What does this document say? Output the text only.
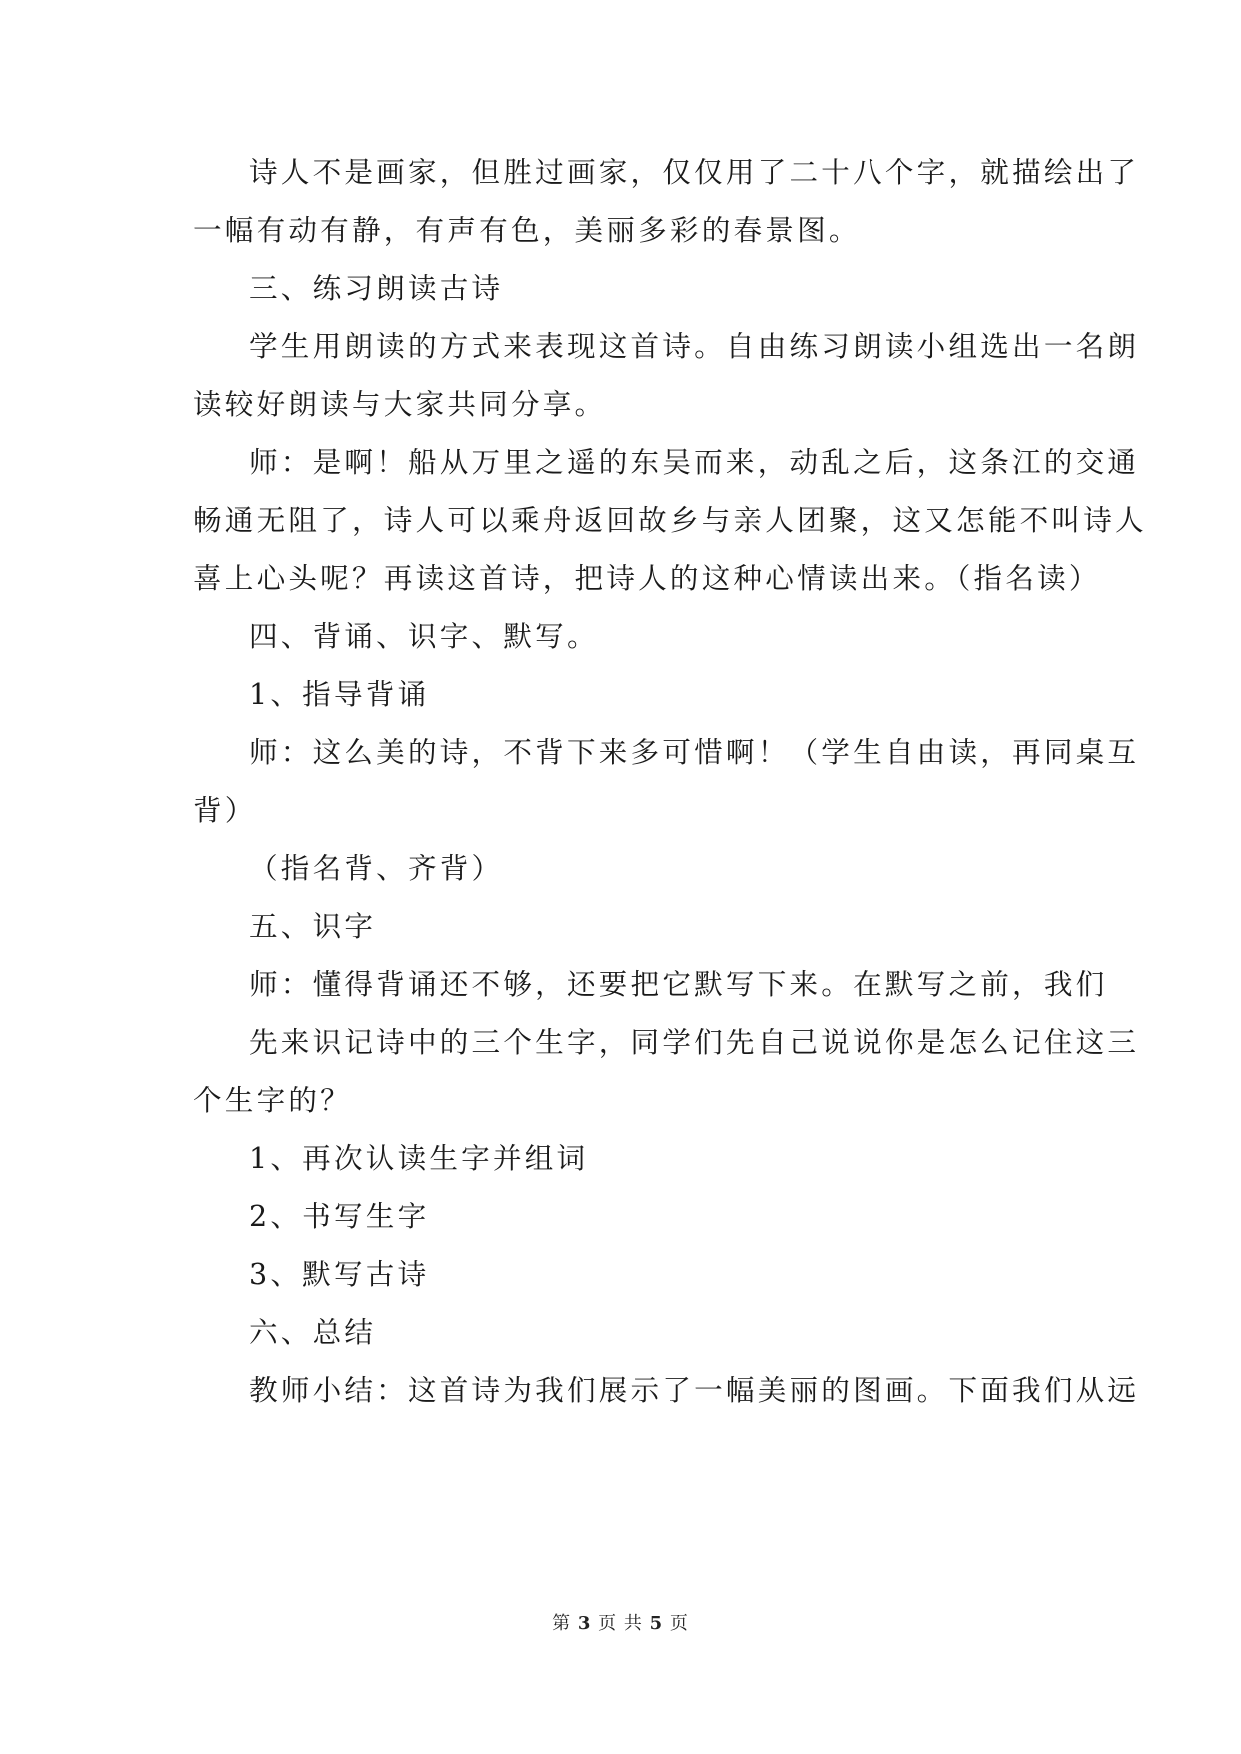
诗人不是画家，但胜过画家，仅仅用了二十八个字，就描绘出了
一幅有动有静，有声有色，美丽多彩的春景图。
三、练习朗读古诗
学生用朗读的方式来表现这首诗。自由练习朗读小组选出一名朗
读较好朗读与大家共同分享。
师：是啊！船从万里之遥的东吴而来，动乱之后，这条江的交通
畅通无阻了，诗人可以乘舟返回故乡与亲人团聚，这又怎能不叫诗人
喜上心头呢？再读这首诗，把诗人的这种心情读出来。（指名读）
四、背诵、识字、默写。
1、指导背诵
师：这么美的诗，不背下来多可惜啊！（学生自由读，再同桌互
背）
（指名背、齐背）
五、识字
师：懂得背诵还不够，还要把它默写下来。在默写之前，我们
先来识记诗中的三个生字，同学们先自己说说你是怎么记住这三
个生字的？
1、再次认读生字并组词
2、书写生字
3、默写古诗
六、总结
教师小结：这首诗为我们展示了一幅美丽的图画。下面我们从远
第 3 页 共 5 页
